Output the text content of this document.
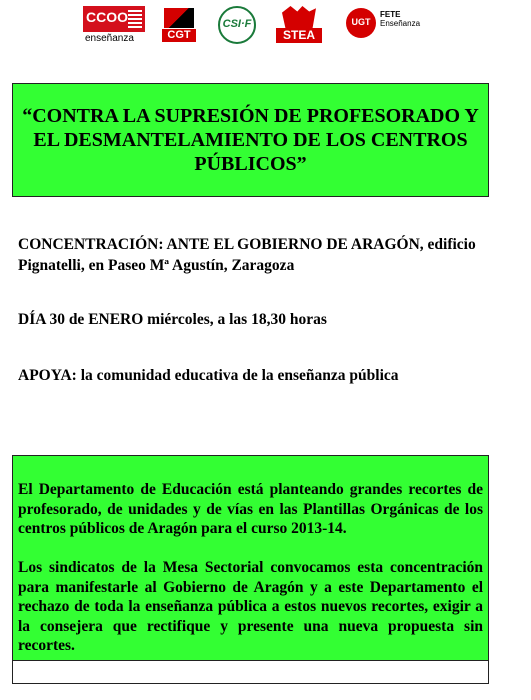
CCOO
enseñanza	CGT
CSI·F
STEA
UGT
FETE
Enseñanza

“CONTRA LA SUPRESIÓN DE PROFESORADO Y EL DESMANTELAMIENTO DE LOS CENTROS PÚBLICOS”

CONCENTRACIÓN: ANTE EL GOBIERNO DE ARAGÓN, edificio Pignatelli, en Paseo Mª Agustín, Zaragoza
DÍA 30 de ENERO miércoles, a las 18,30 horas
APOYA: la comunidad educativa de la enseñanza pública
El Departamento de Educación está planteando grandes recortes de profesorado, de unidades y de vías en las Plantillas Orgánicas de los centros públicos de Aragón para el curso 2013-14.
Los sindicatos de la Mesa Sectorial convocamos esta concentración para manifestarle al Gobierno de Aragón y a este Departamento el rechazo de toda la enseñanza pública a estos nuevos recortes, exigir a la consejera que rectifique y presente una nueva propuesta sin recortes.
